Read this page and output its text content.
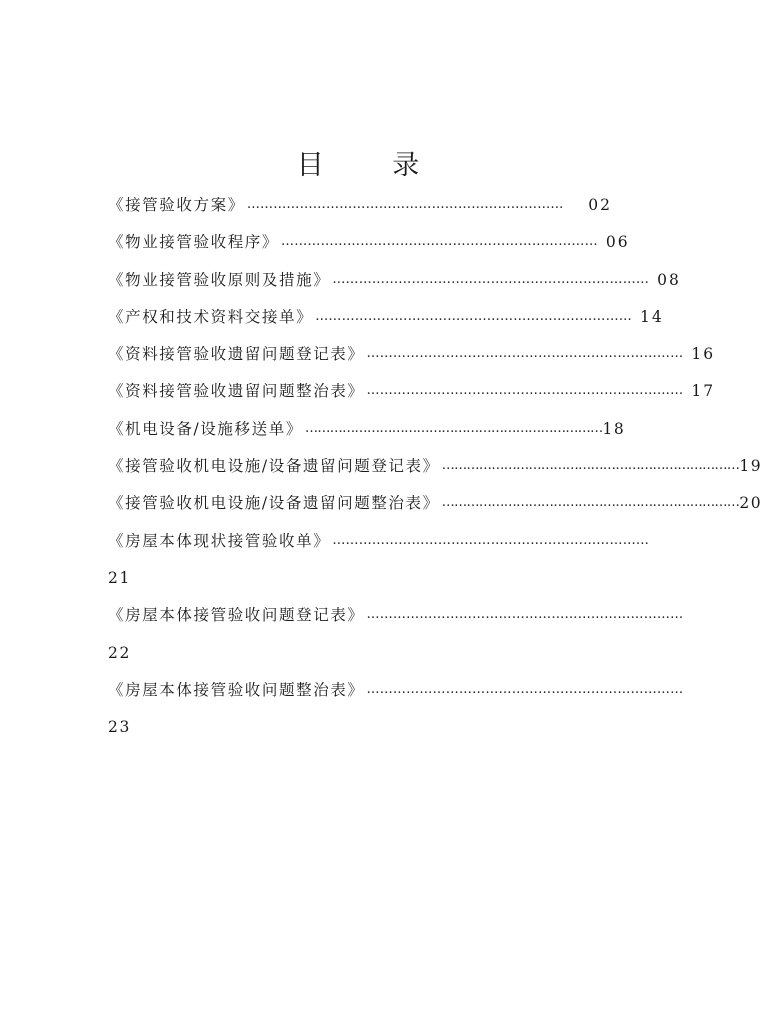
目 录
《接管验收方案》 ………………………………………………………………	02
《物业接管验收程序》 ……………………………………………………………… 06
《物业接管验收原则及措施》 ……………………………………………………………… 08
《产权和技术资料交接单》 ……………………………………………………………… 14
《资料接管验收遗留问题登记表》 ……………………………………………………………… 16
《资料接管验收遗留问题整治表》 ……………………………………………………………… 17
《机电设备/设施移送单》 ……………………………………………………………… 18
《接管验收机电设施/设备遗留问题登记表》 ……………………………………………………………… 19
《接管验收机电设施/设备遗留问题整治表》 ……………………………………………………………… 20
《房屋本体现状接管验收单》 ………………………………………………………………
21
《房屋本体接管验收问题登记表》 ………………………………………………………………
22
《房屋本体接管验收问题整治表》 ………………………………………………………………
23
